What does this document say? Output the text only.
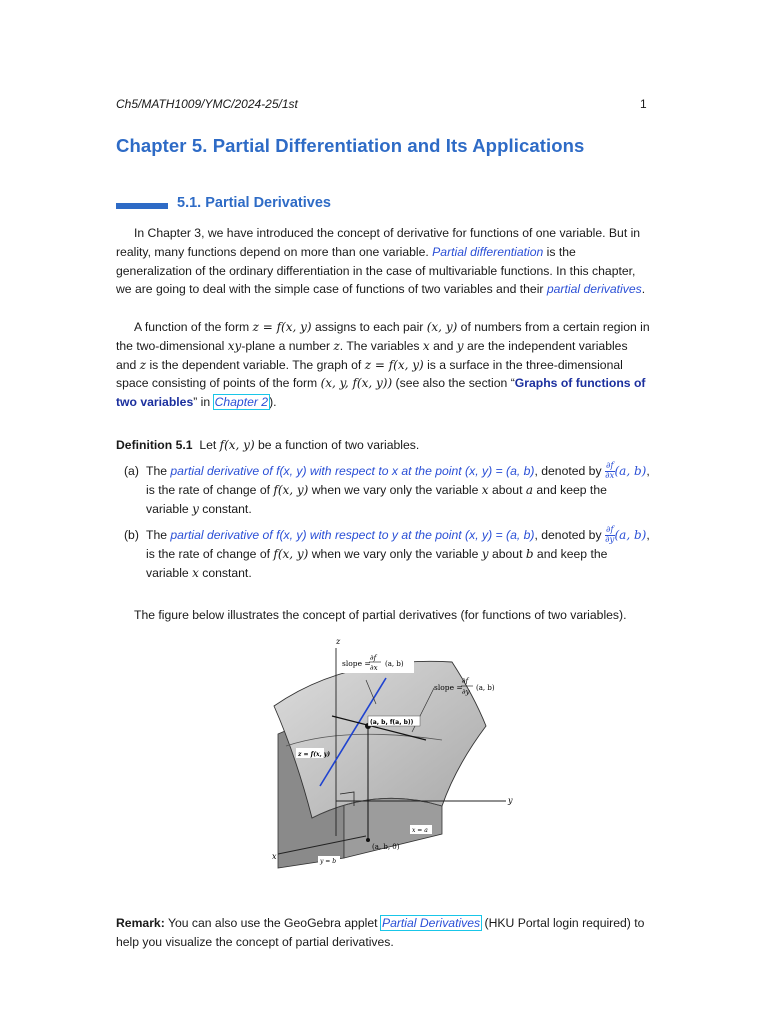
Ch5/MATH1009/YMC/2024-25/1st	1
Chapter 5. Partial Differentiation and Its Applications
5.1. Partial Derivatives

In Chapter 3, we have introduced the concept of derivative for functions of one variable. But in reality, many functions depend on more than one variable. Partial differentiation is the generalization of the ordinary differentiation in the case of multivariable functions. In this chapter, we are going to deal with the simple case of functions of two variables and their partial derivatives.

A function of the form z = f(x, y) assigns to each pair (x, y) of numbers from a certain region in the two-dimensional xy-plane a number z. The variables x and y are the independent variables and z is the dependent variable. The graph of z = f(x, y) is a surface in the three-dimensional space consisting of points of the form (x, y, f(x, y)) (see also the section “Graphs of functions of two variables” in Chapter 2).

Definition 5.1 Let f(x, y) be a function of two variables.
(a) The partial derivative of f(x, y) with respect to x at the point (x, y) = (a, b), denoted by $\frac{\partial f}{\partial x} (a$, b), is the rate of change of f(x, y) when we vary only the variable x about a and keep the variable y constant.
(b) The partial derivative of f(x, y) with respect to y at the point (x, y) = (a, b), denoted by $\frac{\partial f}{\partial y} (a$, b), is the rate of change of f(x, y) when we vary only the variable y about b and keep the variable x constant.
The figure below illustrates the concept of partial derivatives (for functions of two variables).
z
y
x
slope =
∂f
∂x (a, b)
slope =
∂f
∂y (a, b)
(a, b, f(a, b))
z = f(x, y)
x = a
y = b
(a, b, 0)
Remark: You can also use the GeoGebra applet Partial Derivatives (HKU Portal login required) to help you visualize the concept of partial derivatives.
